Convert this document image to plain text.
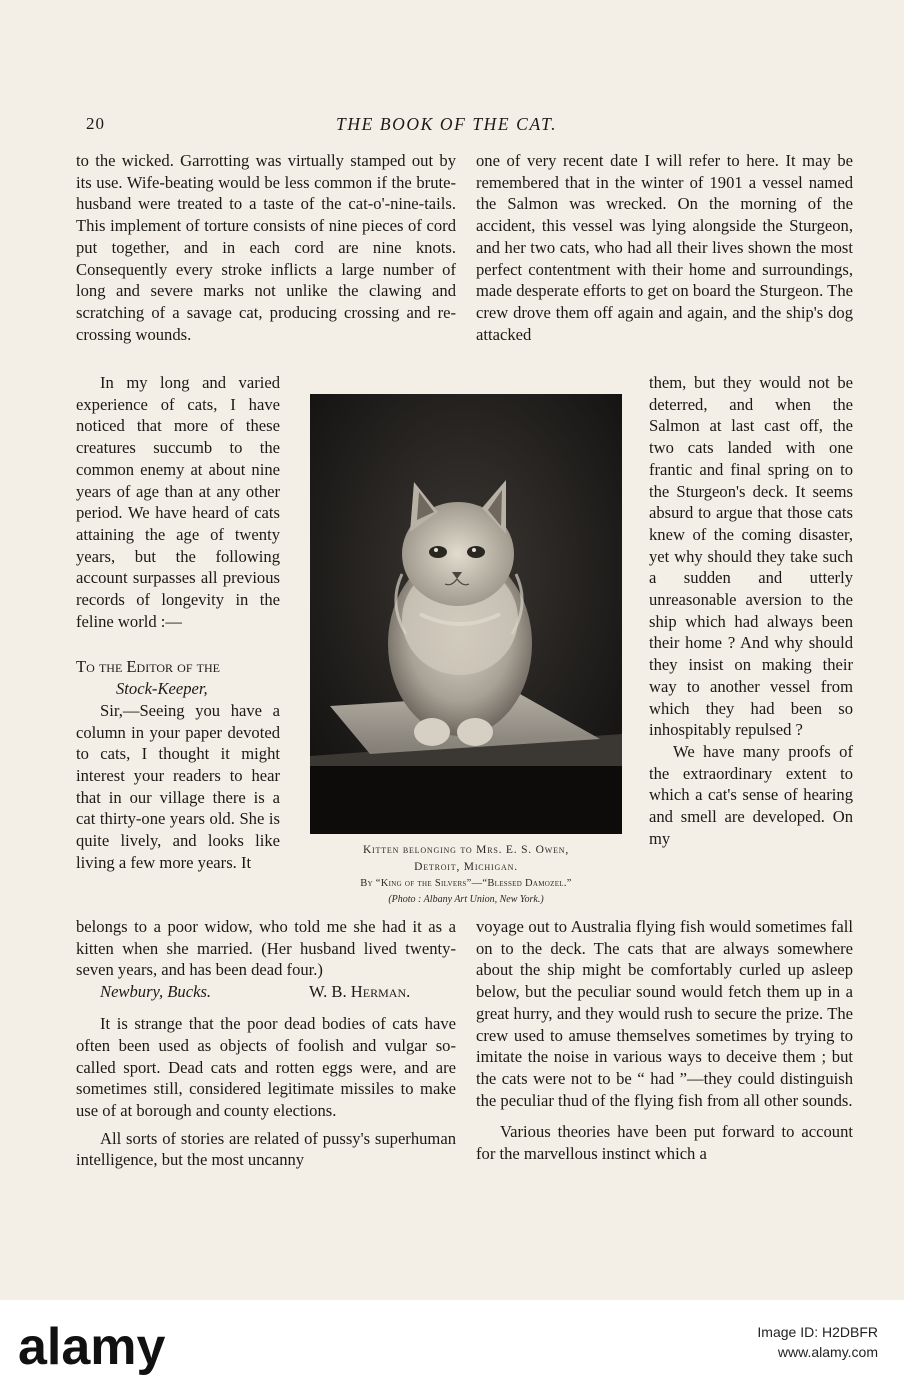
20	THE BOOK OF THE CAT.

to the wicked. Garrotting was virtually stamped out by its use. Wife-beating would be less common if the brute-husband were treated to a taste of the cat-o'-nine-tails. This implement of torture consists of nine pieces of cord put together, and in each cord are nine knots. Consequently every stroke inflicts a large number of long and severe marks not unlike the clawing and scratching of a savage cat, producing crossing and re-crossing wounds.

In my long and varied experience of cats, I have noticed that more of these creatures succumb to the common enemy at about nine years of age than at any other period. We have heard of cats attaining the age of twenty years, but the following account surpasses all previous records of longevity in the feline world :—

To the Editor of the

Stock-Keeper,

Sir,—Seeing you have a column in your paper devoted to cats, I thought it might interest your readers to hear that in our village there is a cat thirty-one years old. She is quite lively, and looks like living a few more years. It

belongs to a poor widow, who told me she had it as a kitten when she married. (Her husband lived twenty-seven years, and has been dead four.)

Newbury, Bucks.	W. B. Herman.

It is strange that the poor dead bodies of cats have often been used as objects of foolish and vulgar so-called sport. Dead cats and rotten eggs were, and are sometimes still, considered legitimate missiles to make use of at borough and county elections.

All sorts of stories are related of pussy's superhuman intelligence, but the most uncanny

one of very recent date I will refer to here. It may be remembered that in the winter of 1901 a vessel named the Salmon was wrecked. On the morning of the accident, this vessel was lying alongside the Sturgeon, and her two cats, who had all their lives shown the most perfect contentment with their home and surroundings, made desperate efforts to get on board the Sturgeon. The crew drove them off again and again, and the ship's dog attacked

them, but they would not be deterred, and when the Salmon at last cast off, the two cats landed with one frantic and final spring on to the Sturgeon's deck. It seems absurd to argue that those cats knew of the coming disaster, yet why should they take such a sudden and utterly unreasonable aversion to the ship which had always been their home ? And why should they insist on making their way to another vessel from which they had been so inhospitably repulsed ?

We have many proofs of the extraordinary extent to which a cat's sense of hearing and smell are developed. On my

voyage out to Australia flying fish would sometimes fall on to the deck. The cats that are always somewhere about the ship might be comfortably curled up asleep below, but the peculiar sound would fetch them up in a great hurry, and they would rush to secure the prize. The crew used to amuse themselves sometimes by trying to imitate the noise in various ways to deceive them ; but the cats were not to be “ had ”—they could distinguish the peculiar thud of the flying fish from all other sounds.

Various theories have been put forward to account for the marvellous instinct which a

Kitten belonging to Mrs. E. S. Owen,
Detroit, Michigan.
By “King of the Silvers”—“Blessed Damozel.”
(Photo : Albany Art Union, New York.)
alamy	Image ID: H2DBFR
www.alamy.com
